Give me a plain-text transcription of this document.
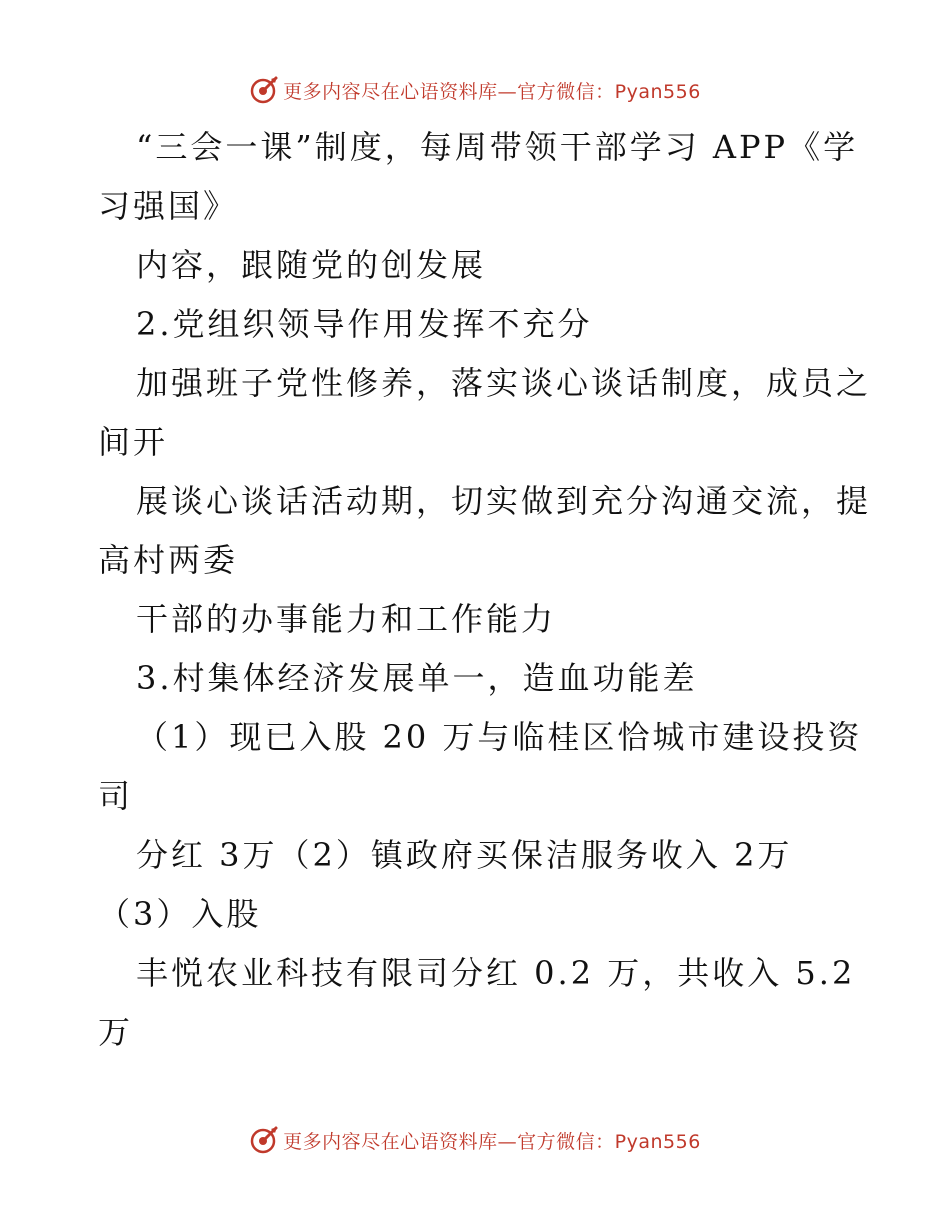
更多内容尽在心语资料库—官方微信：Pyan556
“三会一课”制度，每周带领干部学习 APP《学
习强国》
内容，跟随党的创发展
2.党组织领导作用发挥不充分
加强班子党性修养，落实谈心谈话制度，成员之
间开
展谈心谈话活动期，切实做到充分沟通交流，提
高村两委
干部的办事能力和工作能力
3.村集体经济发展单一，造血功能差
（1）现已入股 20 万与临桂区恰城市建设投资
司
分红 3万（2）镇政府买保洁服务收入 2万
（3）入股
丰悦农业科技有限司分红 0.2 万，共收入 5.2
万
更多内容尽在心语资料库—官方微信：Pyan556
